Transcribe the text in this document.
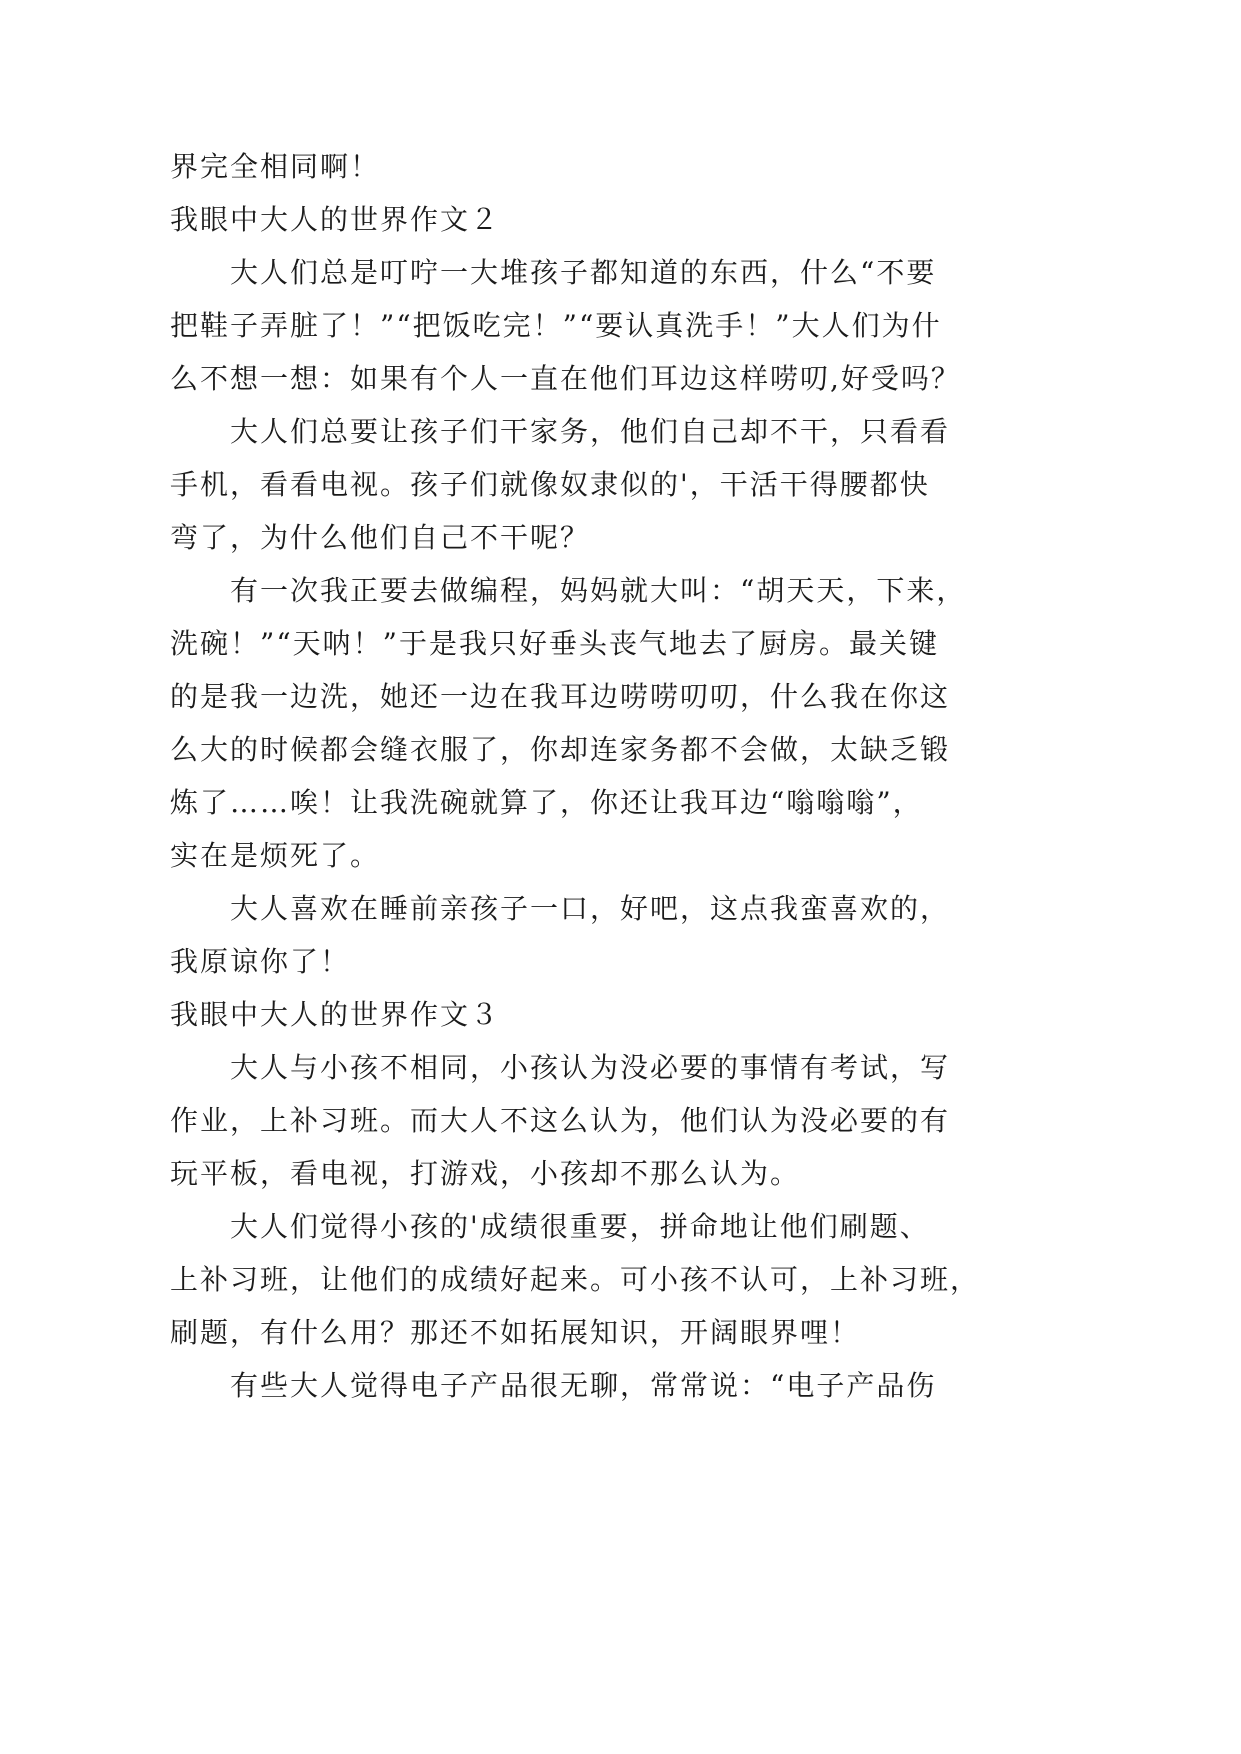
界完全相同啊！
我眼中大人的世界作文２
大人们总是叮咛一大堆孩子都知道的东西，什么“不要
把鞋子弄脏了！”“把饭吃完！”“要认真洗手！”大人们为什
么不想一想：如果有个人一直在他们耳边这样唠叨,好受吗？
大人们总要让孩子们干家务，他们自己却不干，只看看
手机，看看电视。孩子们就像奴隶似的'，干活干得腰都快
弯了，为什么他们自己不干呢？
有一次我正要去做编程，妈妈就大叫：“胡天天，下来，
洗碗！”“天呐！”于是我只好垂头丧气地去了厨房。最关键
的是我一边洗，她还一边在我耳边唠唠叨叨，什么我在你这
么大的时候都会缝衣服了，你却连家务都不会做，太缺乏锻
炼了……唉！让我洗碗就算了，你还让我耳边“嗡嗡嗡”，
实在是烦死了。
大人喜欢在睡前亲孩子一口，好吧，这点我蛮喜欢的，
我原谅你了！
我眼中大人的世界作文３
大人与小孩不相同，小孩认为没必要的事情有考试，写
作业，上补习班。而大人不这么认为，他们认为没必要的有
玩平板，看电视，打游戏，小孩却不那么认为。
大人们觉得小孩的'成绩很重要，拼命地让他们刷题、
上补习班，让他们的成绩好起来。可小孩不认可，上补习班，
刷题，有什么用？那还不如拓展知识，开阔眼界哩！
有些大人觉得电子产品很无聊，常常说：“电子产品伤
